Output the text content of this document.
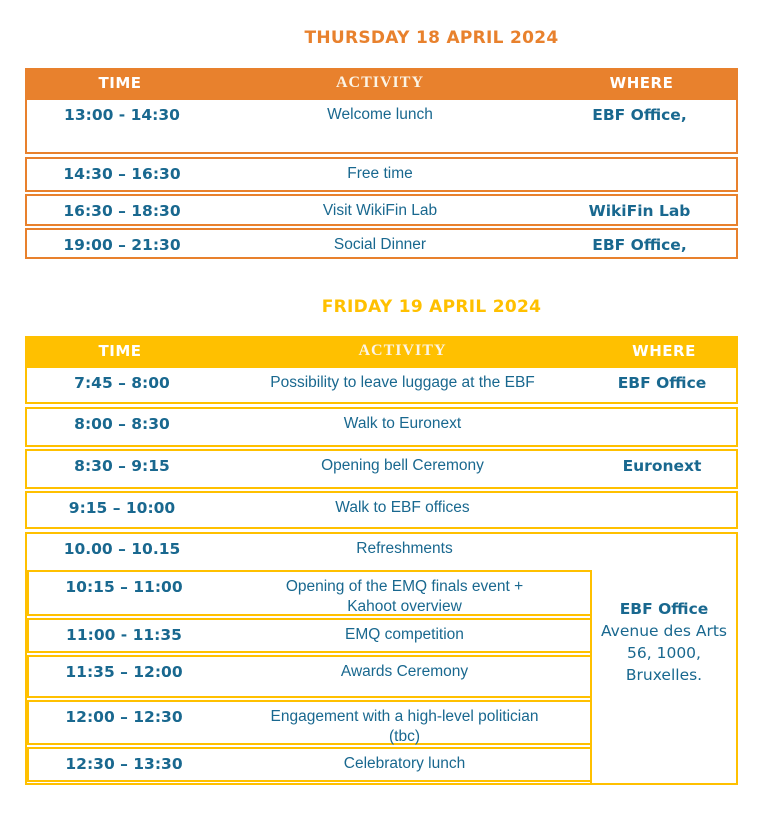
THURSDAY 18 APRIL 2024
TIME	ACTIVITY	WHERE
13:00 - 14:30	Welcome lunch	EBF Office,
14:30 – 16:30	Free time
16:30 – 18:30	Visit WikiFin Lab	WikiFin Lab
19:00 – 21:30	Social Dinner	EBF Office,
FRIDAY 19 APRIL 2024
TIME	ACTIVITY	WHERE
7:45 – 8:00	Possibility to leave luggage at the EBF	EBF Office
8:00 – 8:30	Walk to Euronext
8:30 – 9:15	Opening bell Ceremony	Euronext
9:15 – 10:00	Walk to EBF offices
10.00 – 10.15	Refreshments
10:15 – 11:00	Opening of the EMQ finals event +
Kahoot overview
11:00 - 11:35	EMQ competition
11:35 – 12:00	Awards Ceremony
12:00 – 12:30	Engagement with a high-level politician
(tbc)
12:30 – 13:30	Celebratory lunch
EBF Office
Avenue des Arts
56, 1000,
Bruxelles.
